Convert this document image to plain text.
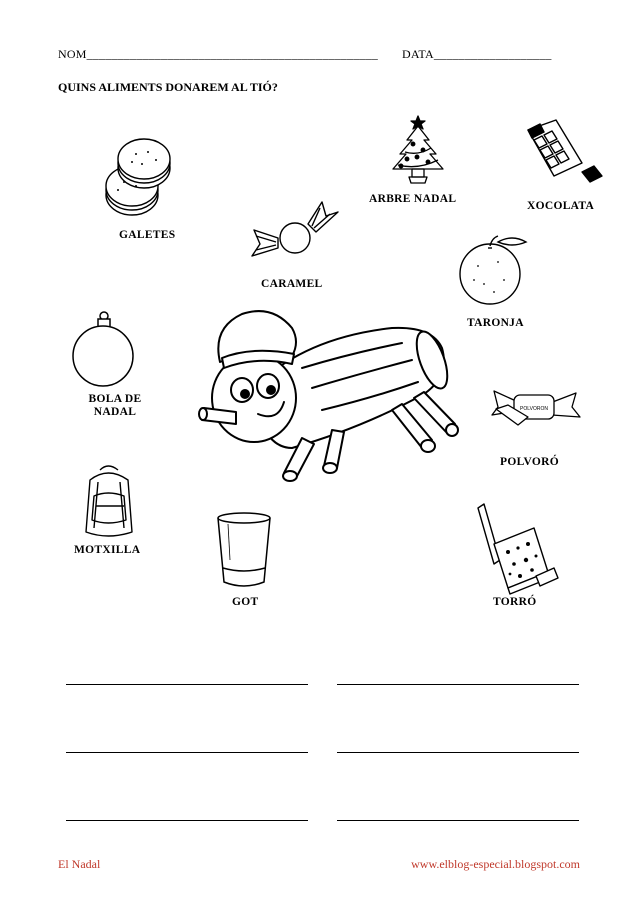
NOM_______________________________________________ DATA___________________
QUINS ALIMENTS DONAREM AL TIÓ?
ARBRE NADAL
XOCOLATA
GALETES
CARAMEL
TARONJA
BOLA DE NADAL	POLVORON
POLVORÓ
MOTXILLA
GOT	TORRÓ
El Nadal	www.elblog-especial.blogspot.com
